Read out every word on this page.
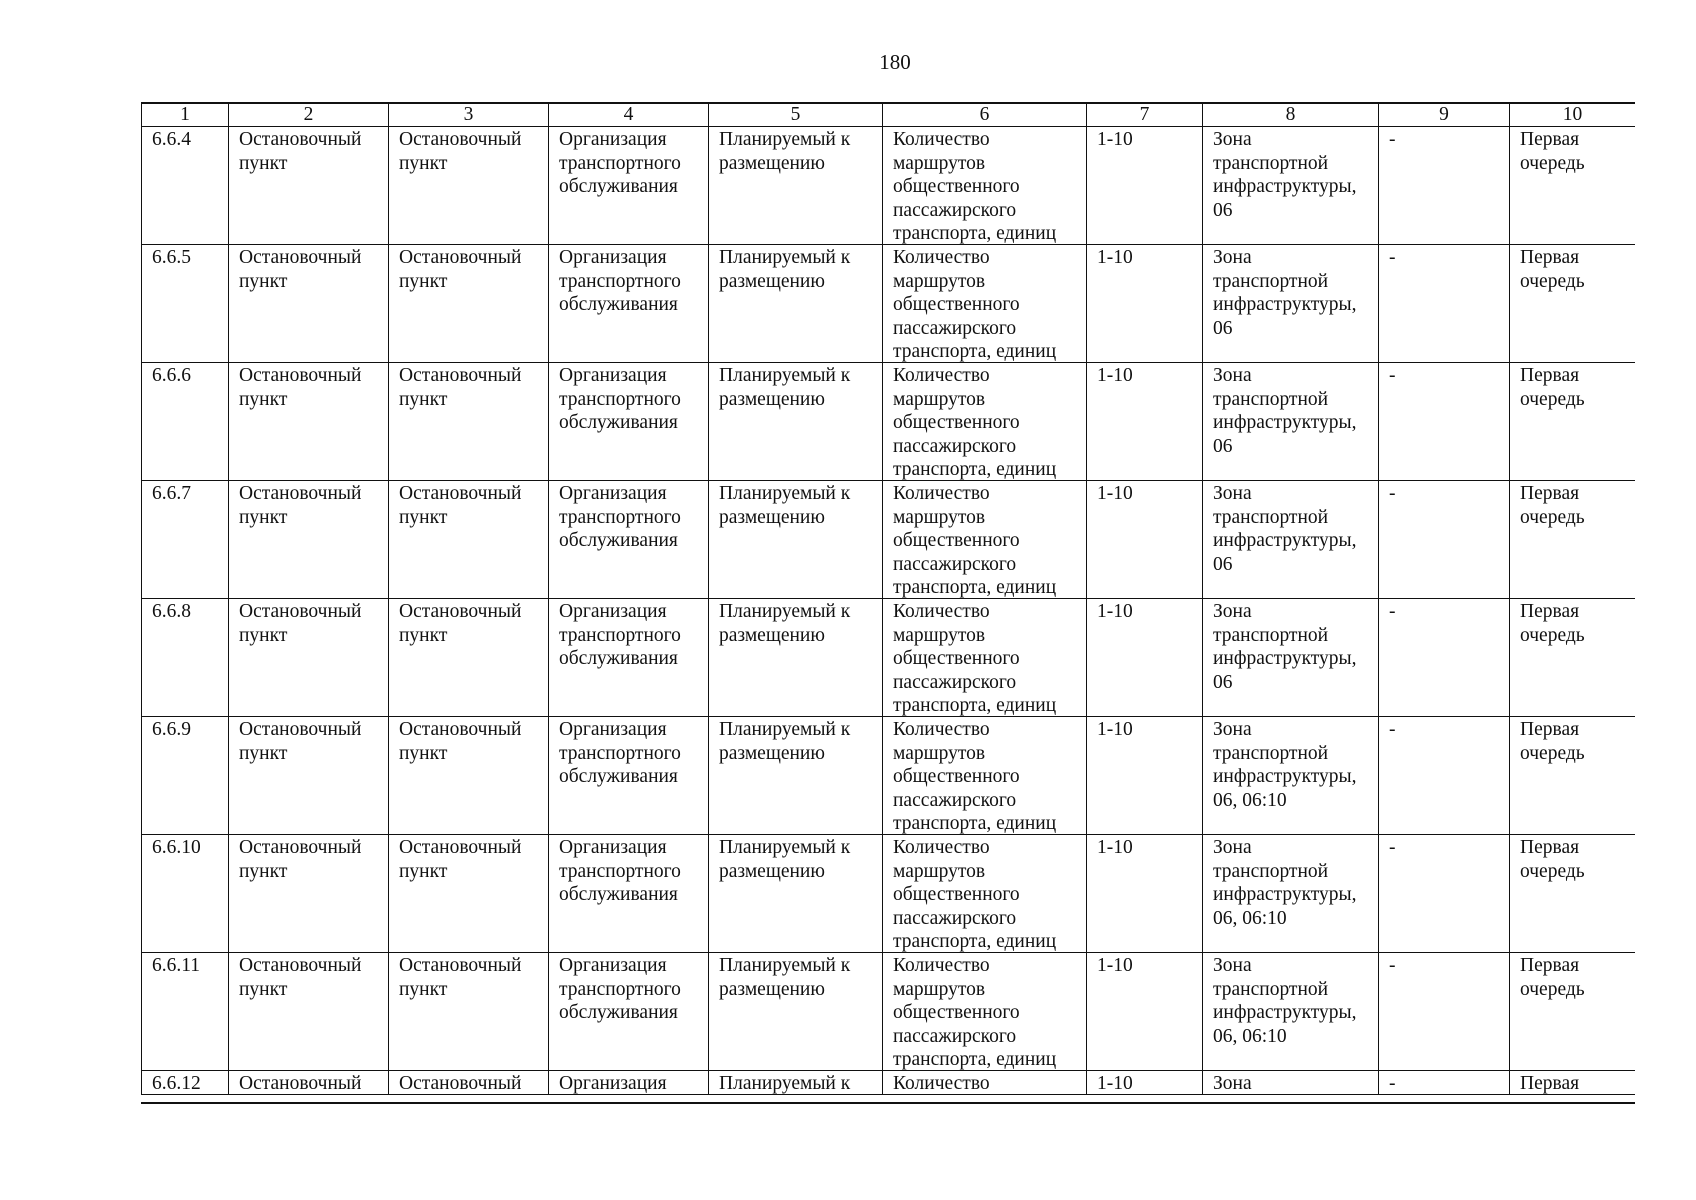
180
1	2	3	4	5	6	7	8	9	10

6.6.4	Остановочный пункт	Остановочный пункт	Организация транспортного обслуживания	Планируемый к размещению	Количество маршрутов общественного пассажирского транспорта, единиц	1-10	Зона транспортной инфраструктуры, 06	-	Первая очередь

6.6.5	Остановочный пункт	Остановочный пункт	Организация транспортного обслуживания	Планируемый к размещению	Количество маршрутов общественного пассажирского транспорта, единиц	1-10	Зона транспортной инфраструктуры, 06	-	Первая очередь

6.6.6	Остановочный пункт	Остановочный пункт	Организация транспортного обслуживания	Планируемый к размещению	Количество маршрутов общественного пассажирского транспорта, единиц	1-10	Зона транспортной инфраструктуры, 06	-	Первая очередь

6.6.7	Остановочный пункт	Остановочный пункт	Организация транспортного обслуживания	Планируемый к размещению	Количество маршрутов общественного пассажирского транспорта, единиц	1-10	Зона транспортной инфраструктуры, 06	-	Первая очередь

6.6.8	Остановочный пункт	Остановочный пункт	Организация транспортного обслуживания	Планируемый к размещению	Количество маршрутов общественного пассажирского транспорта, единиц	1-10	Зона транспортной инфраструктуры, 06	-	Первая очередь

6.6.9	Остановочный пункт	Остановочный пункт	Организация транспортного обслуживания	Планируемый к размещению	Количество маршрутов общественного пассажирского транспорта, единиц	1-10	Зона транспортной инфраструктуры, 06, 06:10	-	Первая очередь

6.6.10	Остановочный пункт	Остановочный пункт	Организация транспортного обслуживания	Планируемый к размещению	Количество маршрутов общественного пассажирского транспорта, единиц	1-10	Зона транспортной инфраструктуры, 06, 06:10	-	Первая очередь

6.6.11	Остановочный пункт	Остановочный пункт	Организация транспортного обслуживания	Планируемый к размещению	Количество маршрутов общественного пассажирского транспорта, единиц	1-10	Зона транспортной инфраструктуры, 06, 06:10	-	Первая очередь

6.6.12	Остановочный	Остановочный	Организация	Планируемый к	Количество	1-10	Зона	-	Первая
